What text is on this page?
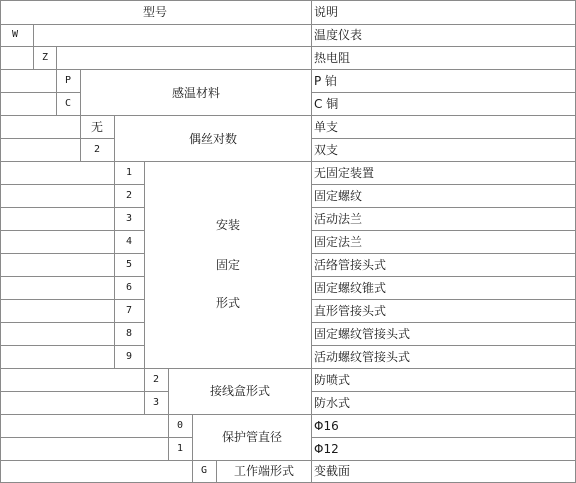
型号	说明
W
Z
P
C
无
2
1
2
3
4
5
6
7
8
9
2
3
0
1
G
感温材料
偶丝对数
安装
固定
形式
接线盒形式
保护管直径
工作端形式
温度仪表
热电阻
P 铂
C 铜
单支
双支
无固定装置
固定螺纹
活动法兰
固定法兰
活络管接头式
固定螺纹锥式
直形管接头式
固定螺纹管接头式
活动螺纹管接头式
防喷式
防水式
Φ16
Φ12
变截面
